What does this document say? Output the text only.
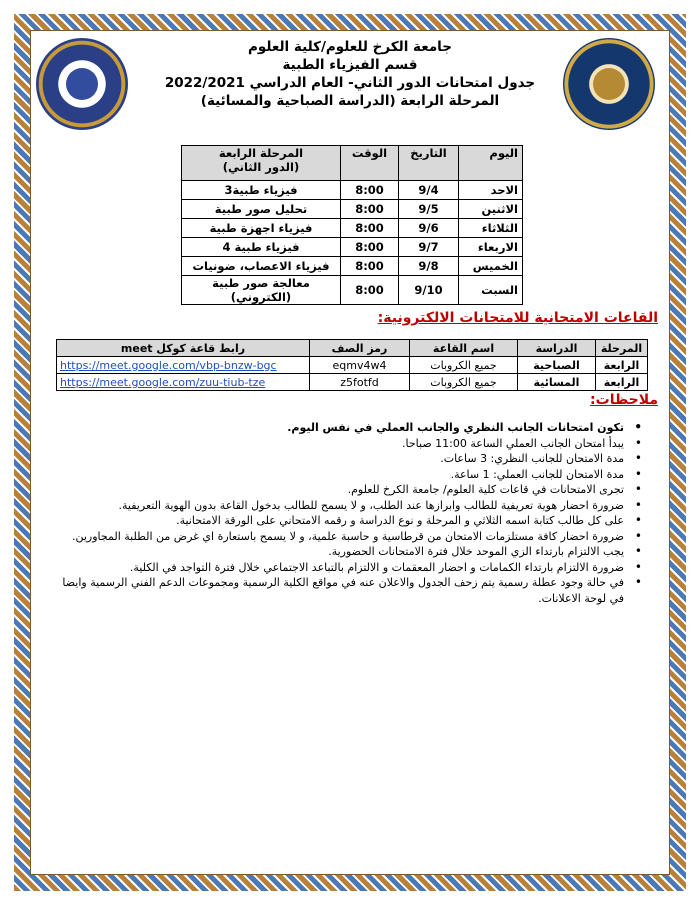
جامعة الكرخ للعلوم/كلية العلوم
قسم الفيزياء الطبية
جدول امتحانات الدور الثاني- العام الدراسي 2022/2021
المرحلة الرابعة (الدراسة الصباحية والمسائية)
اليوم	التاريخ	الوقت	المرحلة الرابعة
(الدور الثاني)

الاحد	9/4	8:00	فيزياء طبية3
الاثنين	9/5	8:00	تحليل صور طبية
الثلاثاء	9/6	8:00	فيزياء اجهزة طبية
الاربعاء	9/7	8:00	فيزياء طبية 4
الخميس	9/8	8:00	فيزياء الاعصاب، ضونيات
السبت	9/10	8:00	معالجة صور طبية (الكتروني)
القاعات الامتحانية للامتحانات الالكترونية:
المرحلة	الدراسة	اسم القاعة	رمز الصف	رابط قاعة كوكل meet
الرابعة	الصباحية	جميع الكروبات	eqmv4w4	https://meet.google.com/vbp-bnzw-bgc
الرابعة	المسائية	جميع الكروبات	z5fotfd	https://meet.google.com/zuu-tiub-tze
ملاحظات:
• تكون امتحانات الجانب النظري والجانب العملي في نفس اليوم.
• يبدأ امتحان الجانب العملي الساعة 11:00 صباحا.
• مدة الامتحان للجانب النظري: 3 ساعات.
• مدة الامتحان للجانب العملي: 1 ساعة.
• تجرى الامتحانات في قاعات كلية العلوم/ جامعة الكرخ للعلوم.
• ضرورة احضار هوية تعريفية للطالب وابرازها عند الطلب، و لا يسمح للطالب بدخول القاعة بدون الهوية التعريفية.
• على كل طالب كتابة اسمه الثلاثي و المرحلة و نوع الدراسة و رقمه الامتحاني على الورقة الامتحانية.
• ضرورة احضار كافة مستلزمات الامتحان من قرطاسية و حاسبة علمية، و لا يسمح باستعارة اي غرض من الطلبة المجاورين.
• يجب الالتزام بارتداء الزي الموحد خلال فترة الامتحانات الحضورية.
• ضرورة الالتزام بارتداء الكمامات و احضار المعقمات و الالتزام بالتباعد الاجتماعي خلال فترة التواجد في الكلية.
• في حالة وجود عطلة رسمية يتم زحف الجدول والاعلان عنه في مواقع الكلية الرسمية ومجموعات الدعم الفني الرسمية وايضا في لوحة الاعلانات.
